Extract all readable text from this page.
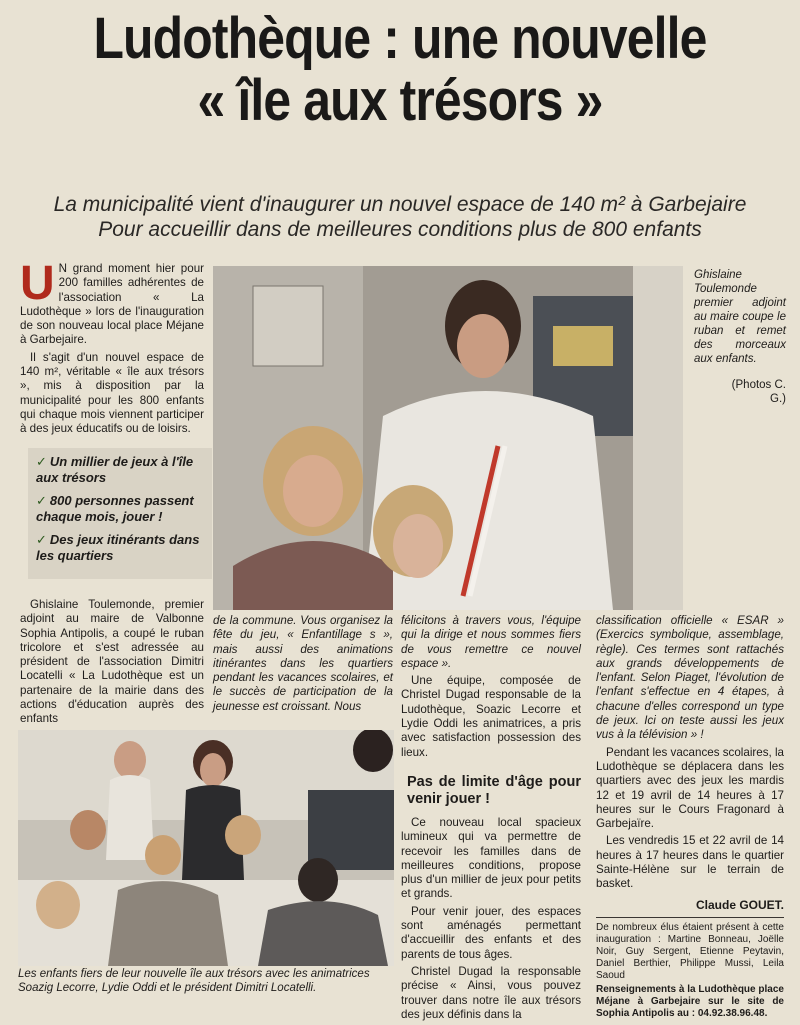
Ludothèque : une nouvelle
« île aux trésors »
La municipalité vient d'inaugurer un nouvel espace de 140 m² à Garbejaire
Pour accueillir dans de meilleures conditions plus de 800 enfants
U N grand moment hier pour 200 familles adhérentes de l'association « La Ludothèque » lors de l'inauguration de son nouveau local place Méjane à Garbejaire.

Il s'agit d'un nouvel espace de 140 m², véritable « île aux trésors », mis à disposition par la municipalité pour les 800 enfants qui chaque mois viennent participer à des jeux éducatifs ou de loisirs.

✓ Un millier de jeux à l'île aux trésors
✓ 800 personnes passent chaque mois, jouer !
✓ Des jeux itinérants dans les quartiers
Ghislaine Toulemonde premier adjoint au maire coupe le ruban et remet des morceaux aux enfants.
(Photos C. G.)

Ghislaine Toulemonde, premier adjoint au maire de Valbonne Sophia Antipolis, a coupé le ruban tricolore et s'est adressée au président de l'association Dimitri Locatelli « La Ludothèque est un partenaire de la mairie dans des actions d'éducation auprès des enfants

de la commune. Vous organisez la fête du jeu, « Enfantillage s », mais aussi des animations itinérantes dans les quartiers pendant les vacances scolaires, et le succès de participation de la jeunesse est croissant. Nous

félicitons à travers vous, l'équipe qui la dirige et nous sommes fiers de vous remettre ce nouvel espace ».

Une équipe, composée de Christel Dugad responsable de la Ludothèque, Soazic Lecorre et Lydie Oddi les animatrices, a pris avec satisfaction possession des lieux.

Pas de limite d'âge pour venir jouer !

Ce nouveau local spacieux lumineux qui va permettre de recevoir les familles dans de meilleures conditions, propose plus d'un millier de jeux pour petits et grands.

Pour venir jouer, des espaces sont aménagés permettant d'accueillir des enfants et des parents de tous âges.

Christel Dugad la responsable précise « Ainsi, vous pouvez trouver dans notre île aux trésors des jeux définis dans la

classification officielle « ESAR » (Exercics symbolique, assemblage, règle). Ces termes sont rattachés aux grands développements de l'enfant. Selon Piaget, l'évolution de l'enfant s'effectue en 4 étapes, à chacune d'elles correspond un type de jeux. Ici on teste aussi les jeux vus à la télévision » !

Pendant les vacances scolaires, la Ludothèque se déplacera dans les quartiers avec des jeux les mardis 12 et 19 avril de 14 heures à 17 heures sur le Cours Fragonard à Garbejaïre.

Les vendredis 15 et 22 avril de 14 heures à 17 heures dans le quartier Sainte-Hélène sur le terrain de basket.

Claude GOUET.
De nombreux élus étaient présent à cette inauguration : Martine Bonneau, Joëlle Noir, Guy Sergent, Etienne Peytavin, Daniel Berthier, Philippe Mussi, Leila Saoud
Renseignements à la Ludothèque place Méjane à Garbejaire sur le site de Sophia Antipolis au : 04.92.38.96.48.
Les enfants fiers de leur nouvelle île aux trésors avec les animatrices Soazig Lecorre, Lydie Oddi et le président Dimitri Locatelli.
